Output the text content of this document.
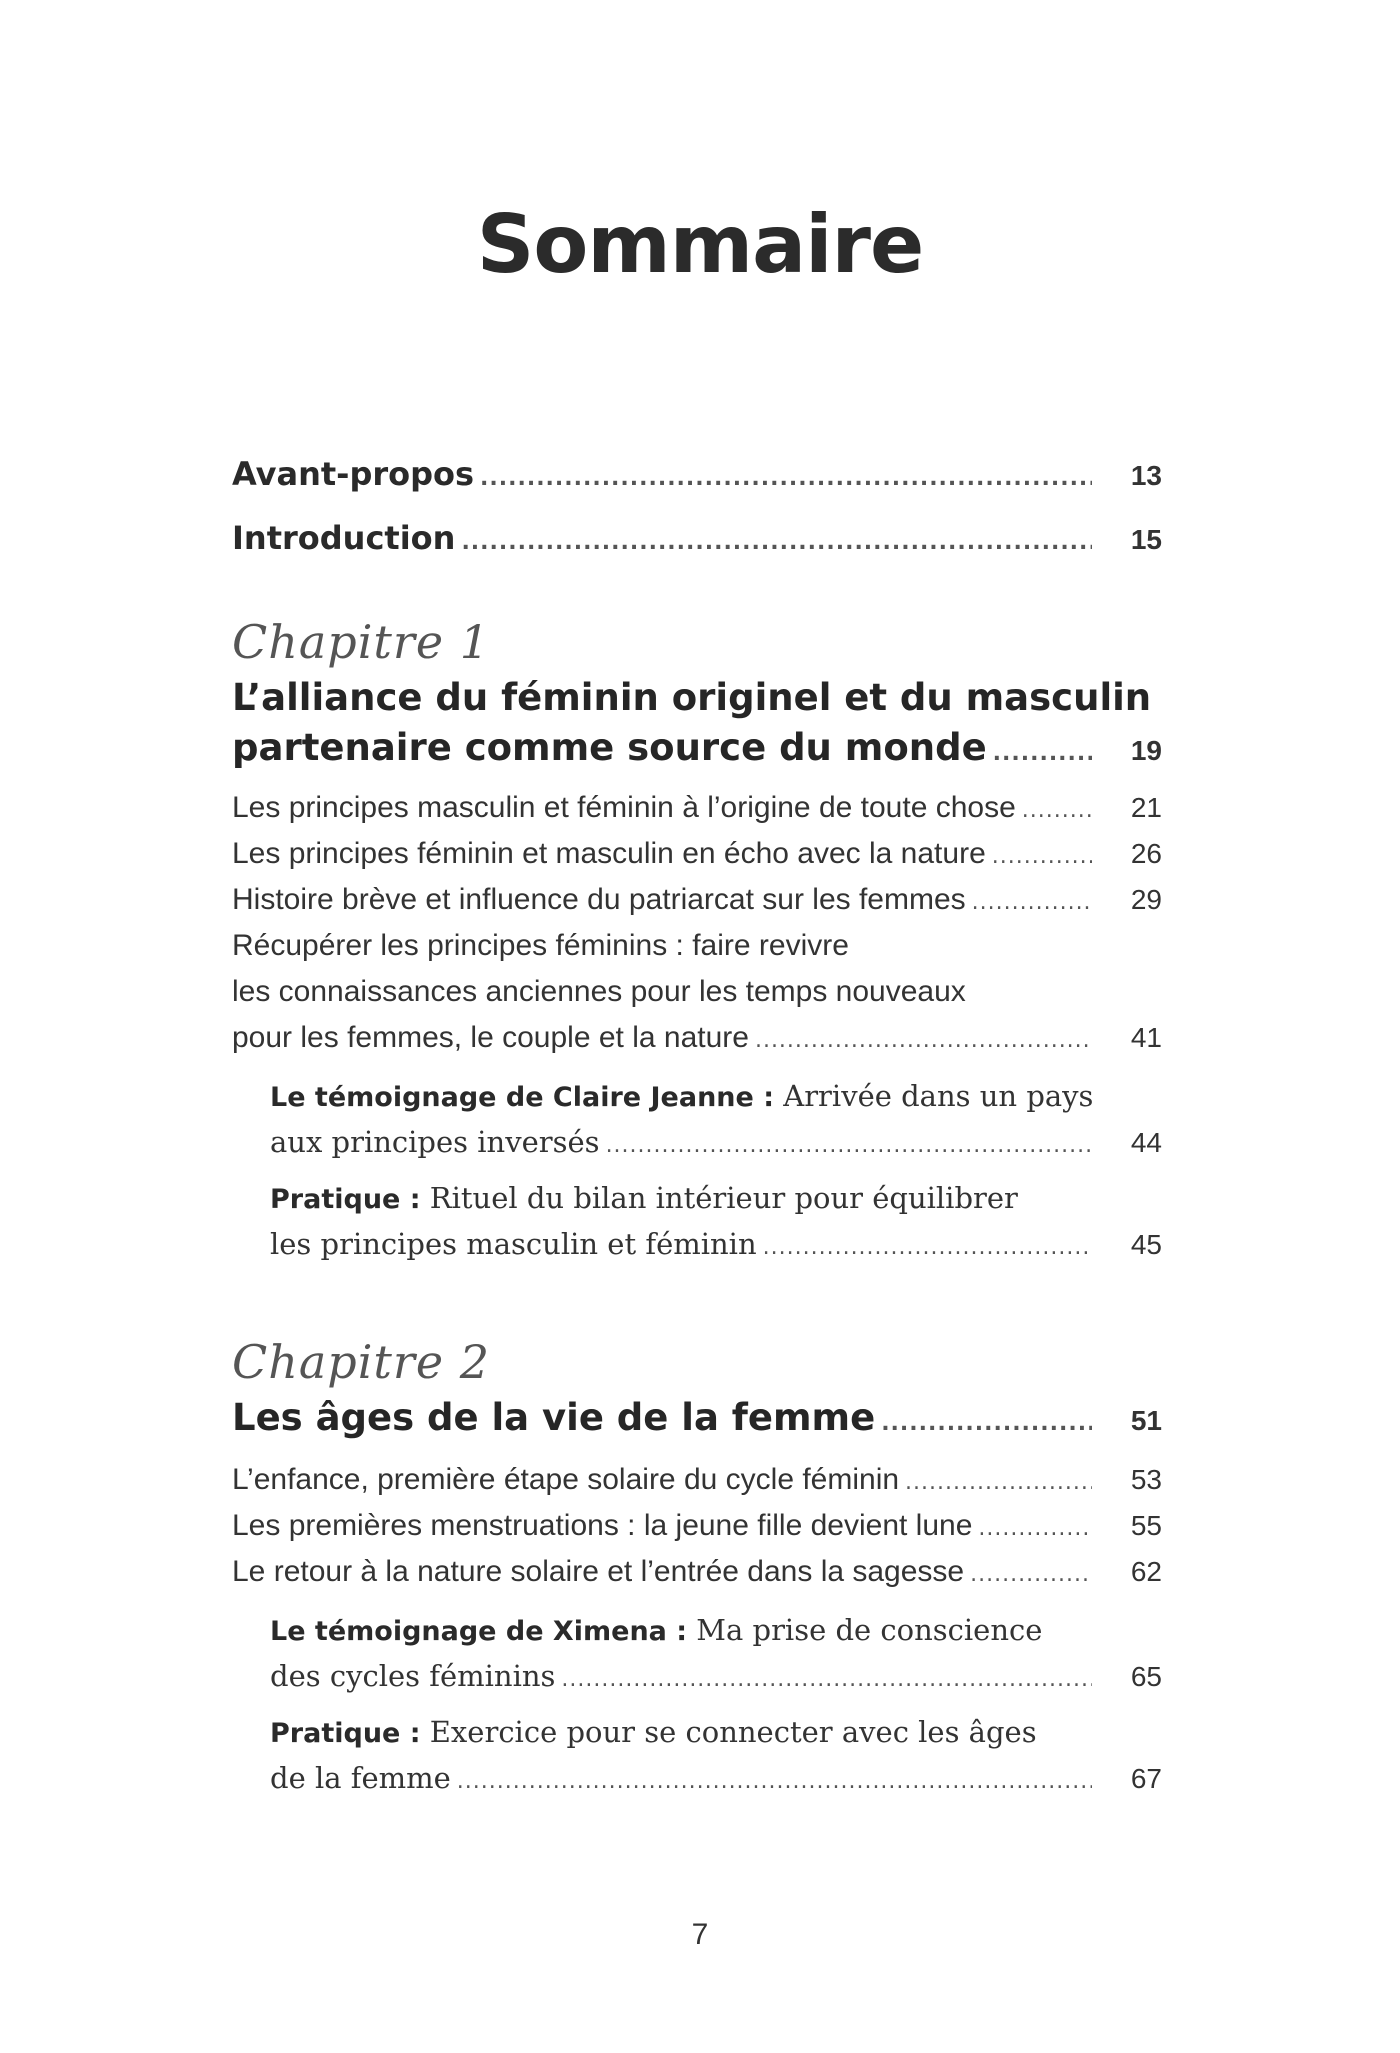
Sommaire
Avant-propos .....	13
Introduction .....	15
Chapitre 1
L’alliance du féminin originel et du masculin
partenaire comme source du monde .....	19
Les principes masculin et féminin à l’origine de toute chose .....	21
Les principes féminin et masculin en écho avec la nature .....	26
Histoire brève et influence du patriarcat sur les femmes .....	29
Récupérer les principes féminins : faire revivre
les connaissances anciennes pour les temps nouveaux
pour les femmes, le couple et la nature .....	41
Le témoignage de Claire Jeanne : Arrivée dans un pays
aux principes inversés .....	44
Pratique : Rituel du bilan intérieur pour équilibrer
les principes masculin et féminin .....	45
Chapitre 2
Les âges de la vie de la femme .....	51
L’enfance, première étape solaire du cycle féminin .....	53
Les premières menstruations : la jeune fille devient lune .....	55
Le retour à la nature solaire et l’entrée dans la sagesse .....	62
Le témoignage de Ximena : Ma prise de conscience
des cycles féminins .....	65
Pratique : Exercice pour se connecter avec les âges
de la femme .....	67
7
